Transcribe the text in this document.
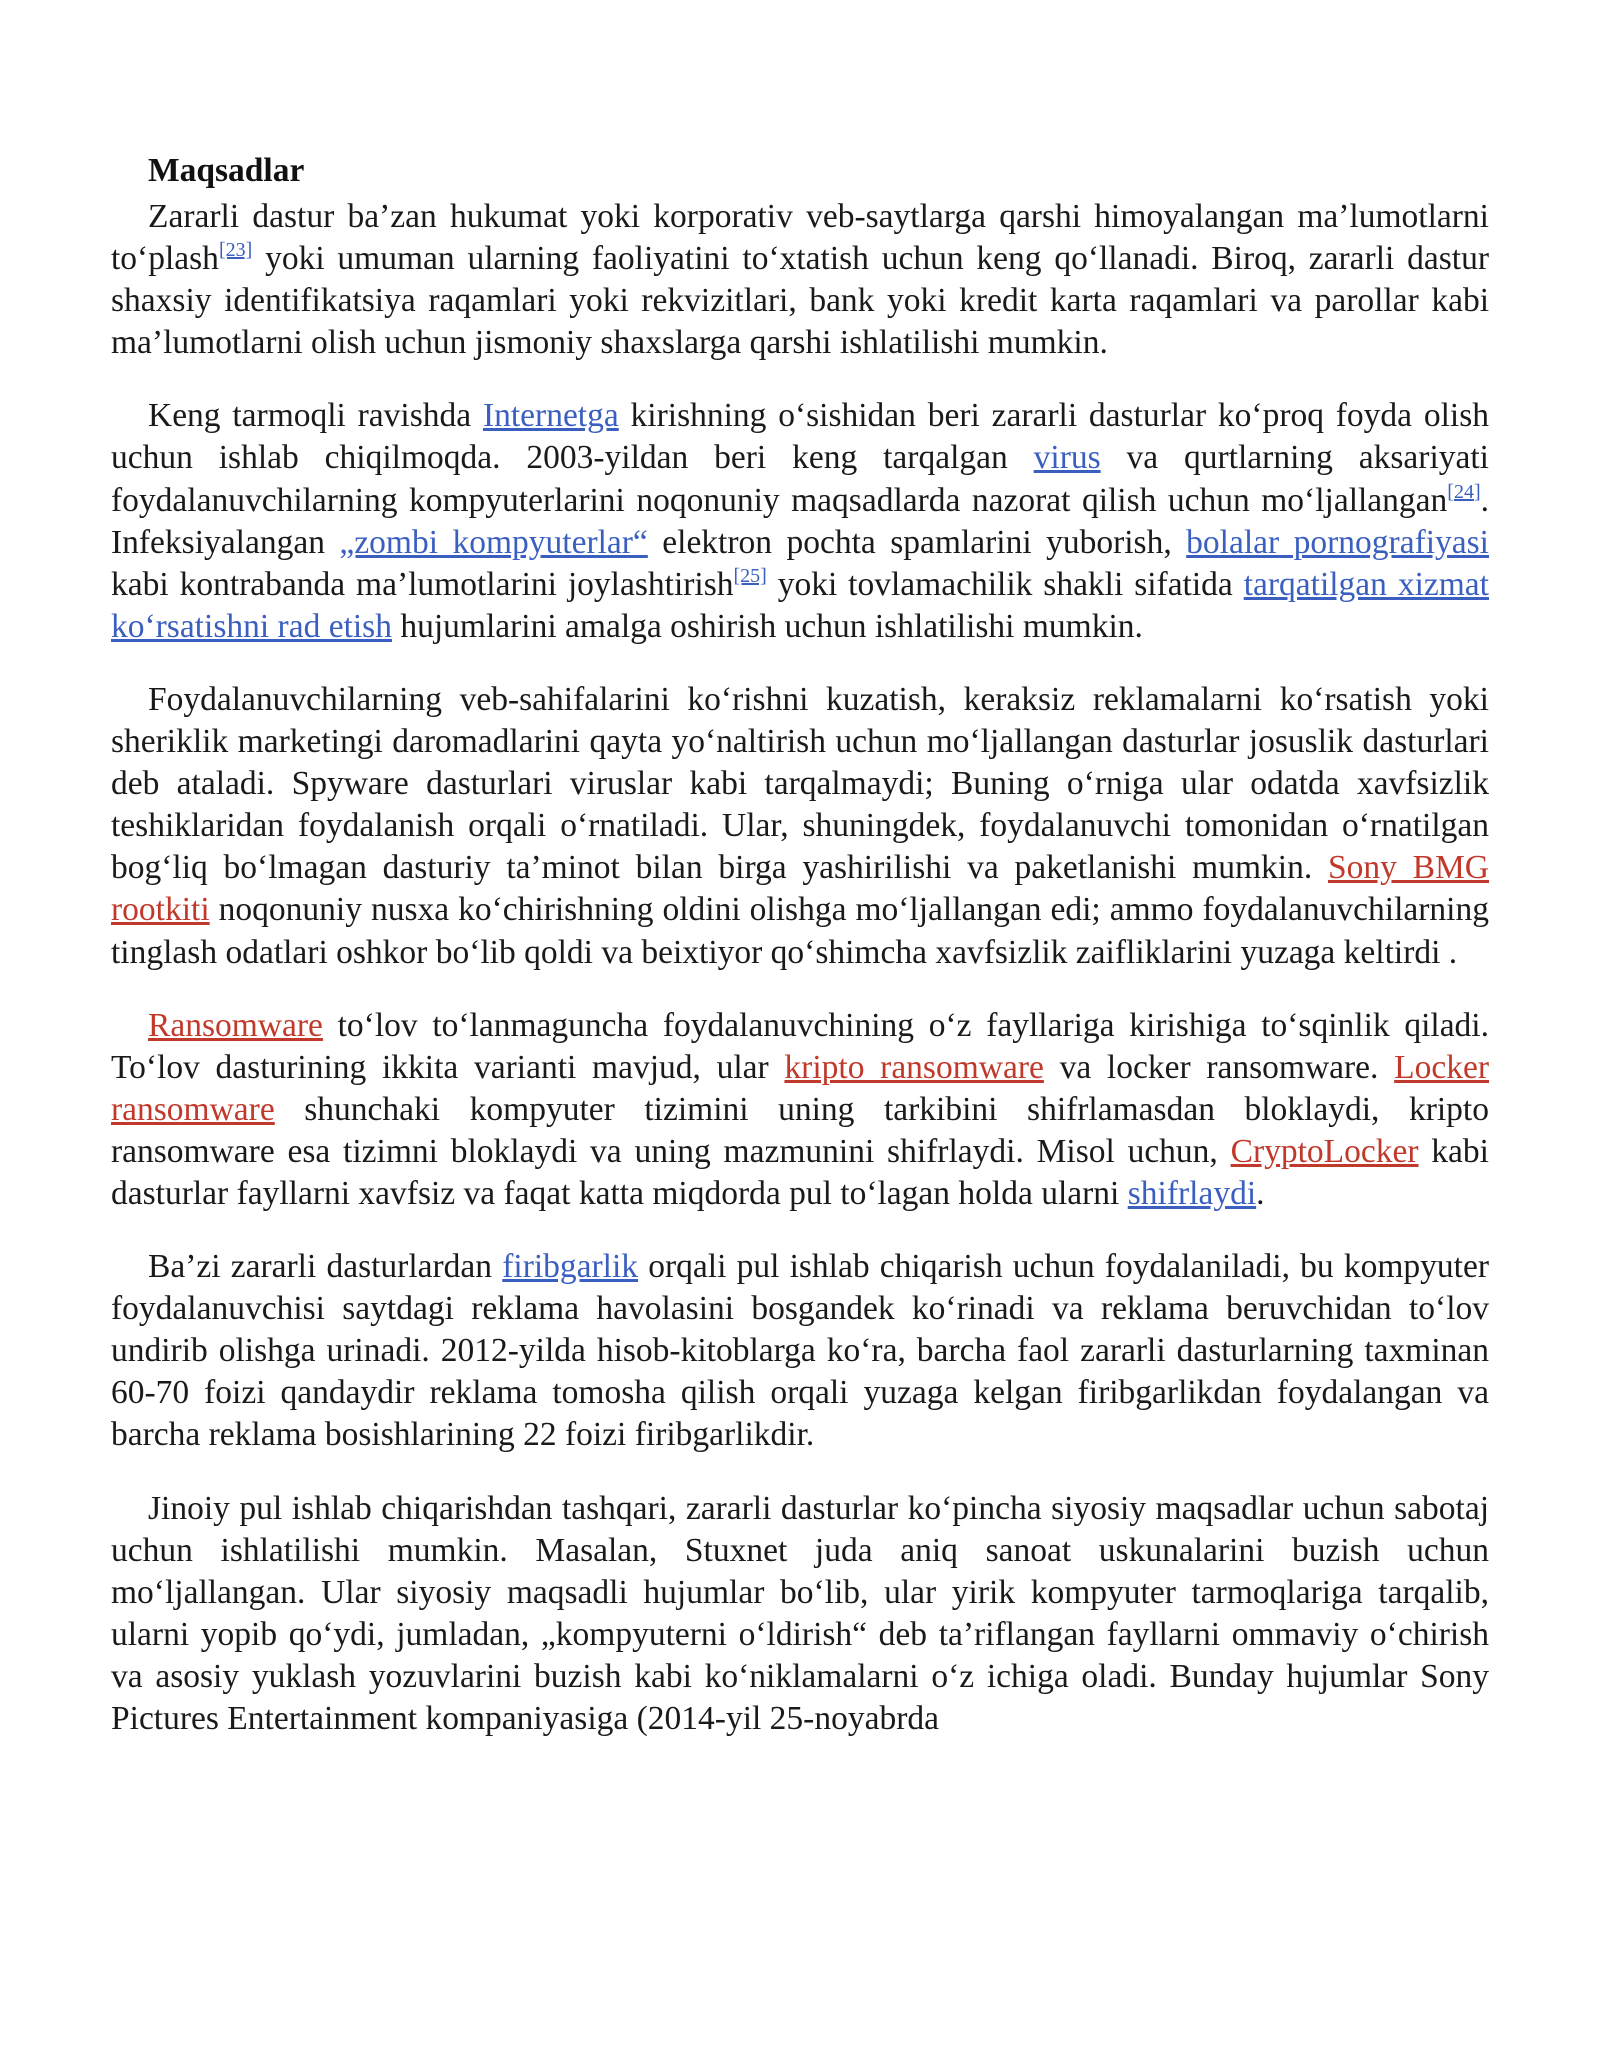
Maqsadlar

Zararli dastur ba’zan hukumat yoki korporativ veb-saytlarga qarshi himoyalangan ma’lumotlarni to‘plash[23] yoki umuman ularning faoliyatini to‘xtatish uchun keng qo‘llanadi. Biroq, zararli dastur shaxsiy identifikatsiya raqamlari yoki rekvizitlari, bank yoki kredit karta raqamlari va parollar kabi ma’lumotlarni olish uchun jismoniy shaxslarga qarshi ishlatilishi mumkin.

Keng tarmoqli ravishda Internetga kirishning o‘sishidan beri zararli dasturlar ko‘proq foyda olish uchun ishlab chiqilmoqda. 2003-yildan beri keng tarqalgan virus va qurtlarning aksariyati foydalanuvchilarning kompyuterlarini noqonuniy maqsadlarda nazorat qilish uchun mo‘ljallangan[24]. Infeksiyalangan „zombi kompyuterlar“ elektron pochta spamlarini yuborish, bolalar pornografiyasi kabi kontrabanda ma’lumotlarini joylashtirish[25] yoki tovlamachilik shakli sifatida tarqatilgan xizmat ko‘rsatishni rad etish hujumlarini amalga oshirish uchun ishlatilishi mumkin.

Foydalanuvchilarning veb-sahifalarini ko‘rishni kuzatish, keraksiz reklamalarni ko‘rsatish yoki sheriklik marketingi daromadlarini qayta yo‘naltirish uchun mo‘ljallangan dasturlar josuslik dasturlari deb ataladi. Spyware dasturlari viruslar kabi tarqalmaydi; Buning o‘rniga ular odatda xavfsizlik teshiklaridan foydalanish orqali o‘rnatiladi. Ular, shuningdek, foydalanuvchi tomonidan o‘rnatilgan bog‘liq bo‘lmagan dasturiy ta’minot bilan birga yashirilishi va paketlanishi mumkin. Sony BMG rootkiti noqonuniy nusxa ko‘chirishning oldini olishga mo‘ljallangan edi; ammo foydalanuvchilarning tinglash odatlari oshkor bo‘lib qoldi va beixtiyor qo‘shimcha xavfsizlik zaifliklarini yuzaga keltirdi .

Ransomware to‘lov to‘lanmaguncha foydalanuvchining o‘z fayllariga kirishiga to‘sqinlik qiladi. To‘lov dasturining ikkita varianti mavjud, ular kripto ransomware va locker ransomware. Locker ransomware shunchaki kompyuter tizimini uning tarkibini shifrlamasdan bloklaydi, kripto ransomware esa tizimni bloklaydi va uning mazmunini shifrlaydi. Misol uchun, CryptoLocker kabi dasturlar fayllarni xavfsiz va faqat katta miqdorda pul to‘lagan holda ularni shifrlaydi.

Ba’zi zararli dasturlardan firibgarlik orqali pul ishlab chiqarish uchun foydalaniladi, bu kompyuter foydalanuvchisi saytdagi reklama havolasini bosgandek ko‘rinadi va reklama beruvchidan to‘lov undirib olishga urinadi. 2012-yilda hisob-kitoblarga ko‘ra, barcha faol zararli dasturlarning taxminan 60-70 foizi qandaydir reklama tomosha qilish orqali yuzaga kelgan firibgarlikdan foydalangan va barcha reklama bosishlarining 22 foizi firibgarlikdir.

Jinoiy pul ishlab chiqarishdan tashqari, zararli dasturlar ko‘pincha siyosiy maqsadlar uchun sabotaj uchun ishlatilishi mumkin. Masalan, Stuxnet juda aniq sanoat uskunalarini buzish uchun mo‘ljallangan. Ular siyosiy maqsadli hujumlar bo‘lib, ular yirik kompyuter tarmoqlariga tarqalib, ularni yopib qo‘ydi, jumladan, „kompyuterni o‘ldirish“ deb ta’riflangan fayllarni ommaviy o‘chirish va asosiy yuklash yozuvlarini buzish kabi ko‘niklamalarni o‘z ichiga oladi. Bunday hujumlar Sony Pictures Entertainment kompaniyasiga (2014-yil 25-noyabrda
